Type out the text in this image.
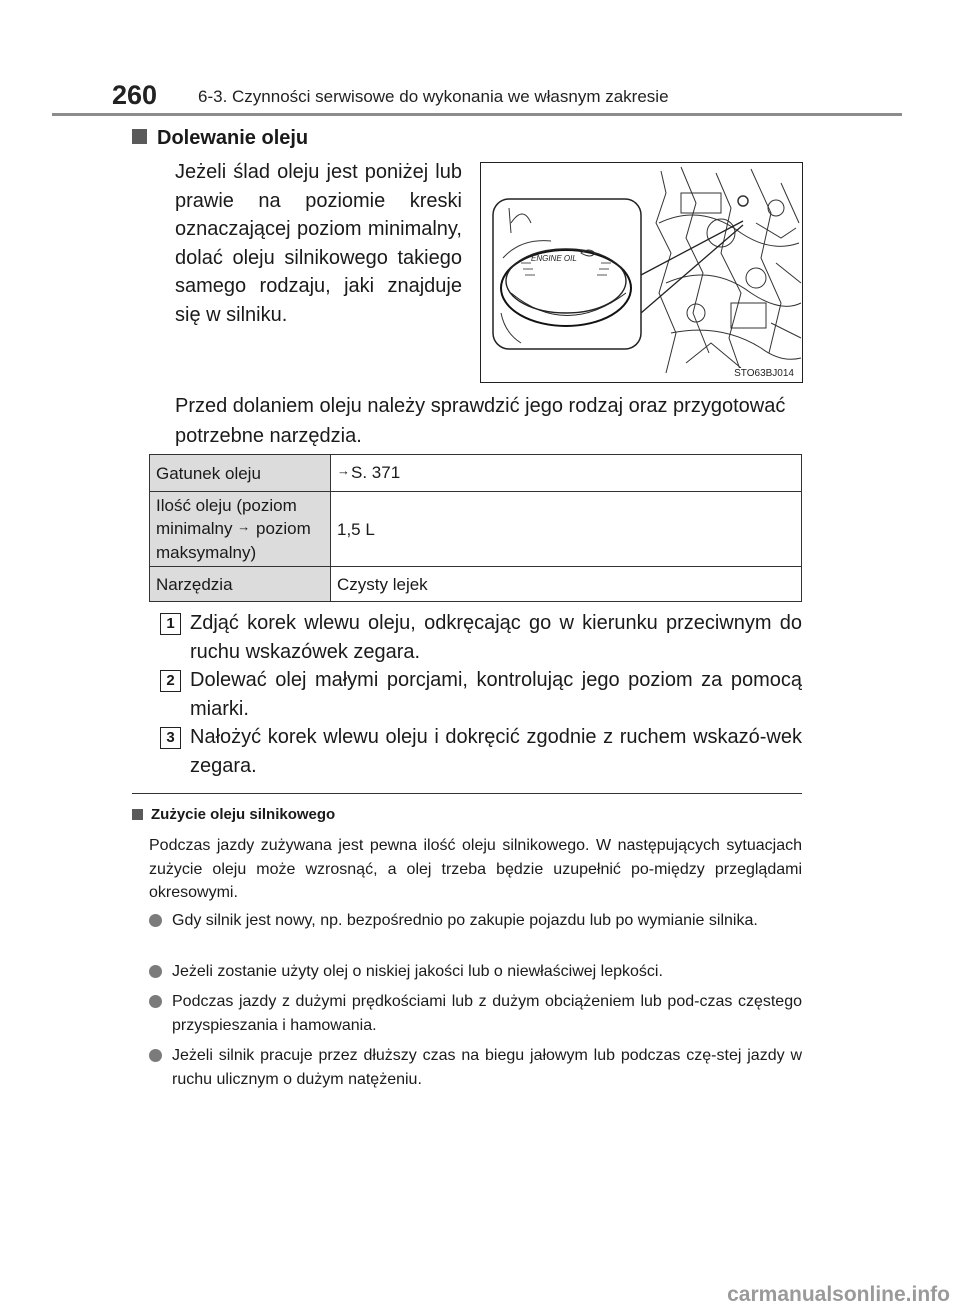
260 6-3. Czynności serwisowe do wykonania we własnym zakresie
Dolewanie oleju
Jeżeli ślad oleju jest poniżej lub prawie na poziomie kreski oznaczającej poziom minimalny, dolać oleju silnikowego takiego samego rodzaju, jaki znajduje się w silniku.
ENGINE OIL
STO63BJ014
Przed dolaniem oleju należy sprawdzić jego rodzaj oraz przygotować potrzebne narzędzia.
Gatunek oleju	→S. 371
Ilość oleju (poziom minimalny → poziom maksymalny)	1,5 L
Narzędzia	Czysty lejek
1 Zdjąć korek wlewu oleju, odkręcając go w kierunku przeciwnym do ruchu wskazówek zegara.
2 Dolewać olej małymi porcjami, kontrolując jego poziom za pomocą miarki.
3 Nałożyć korek wlewu oleju i dokręcić zgodnie z ruchem wskazó-wek zegara.
Zużycie oleju silnikowego
Podczas jazdy zużywana jest pewna ilość oleju silnikowego. W następujących sytuacjach zużycie oleju może wzrosnąć, a olej trzeba będzie uzupełnić po-między przeglądami okresowymi.
Gdy silnik jest nowy, np. bezpośrednio po zakupie pojazdu lub po wymianie silnika.
Jeżeli zostanie użyty olej o niskiej jakości lub o niewłaściwej lepkości.
Podczas jazdy z dużymi prędkościami lub z dużym obciążeniem lub pod-czas częstego przyspieszania i hamowania.
Jeżeli silnik pracuje przez dłuższy czas na biegu jałowym lub podczas czę-stej jazdy w ruchu ulicznym o dużym natężeniu.
carmanualsonline.info
